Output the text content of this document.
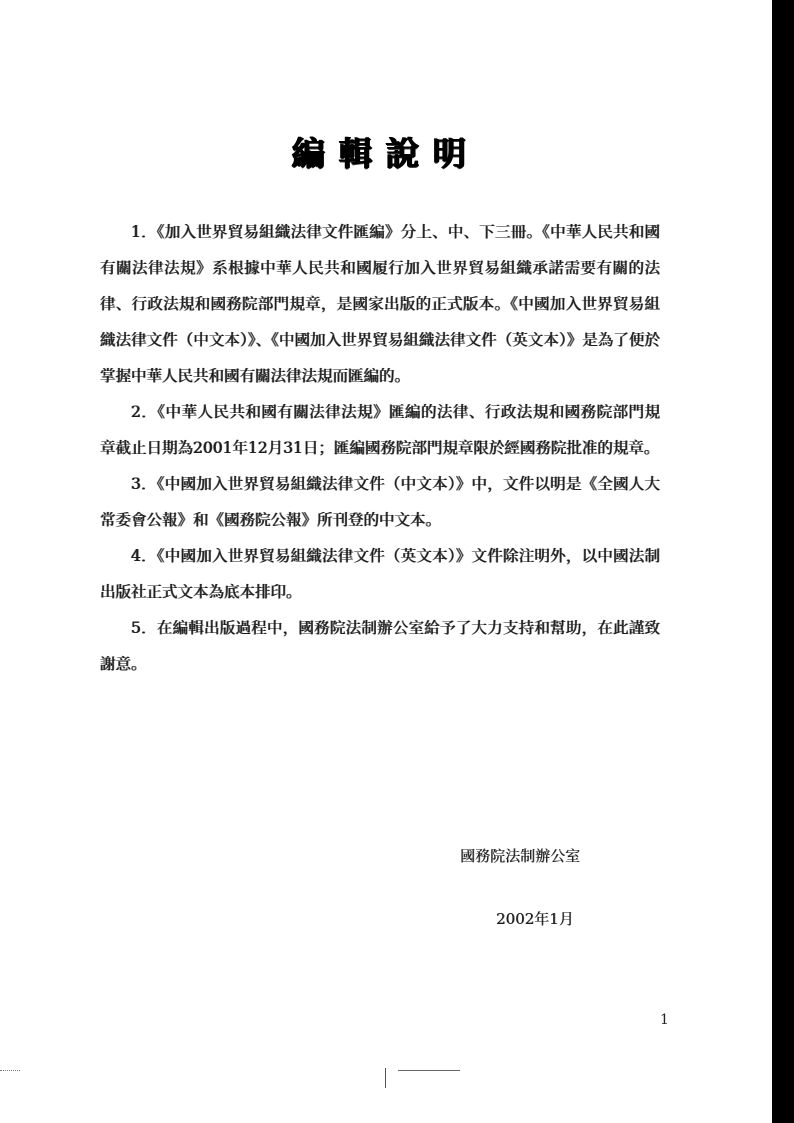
編輯說明

1．《加入世界貿易組織法律文件匯編》分上、中、下三冊。《中華人民共和國有關法律法規》系根據中華人民共和國履行加入世界貿易組織承諾需要有關的法律、行政法規和國務院部門規章，是國家出版的正式版本。《中國加入世界貿易組織法律文件（中文本）》、《中國加入世界貿易組織法律文件（英文本）》是為了便於掌握中華人民共和國有關法律法規而匯編的。

2．《中華人民共和國有關法律法規》匯編的法律、行政法規和國務院部門規章截止日期為2001年12月31日；匯編國務院部門規章限於經國務院批准的規章。

3．《中國加入世界貿易組織法律文件（中文本）》中，文件以明是《全國人大常委會公報》和《國務院公報》所刊登的中文本。

4．《中國加入世界貿易組織法律文件（英文本）》文件除注明外，以中國法制出版社正式文本為底本排印。

5．在編輯出版過程中，國務院法制辦公室給予了大力支持和幫助，在此謹致謝意。

國務院法制辦公室
2002年1月
1
